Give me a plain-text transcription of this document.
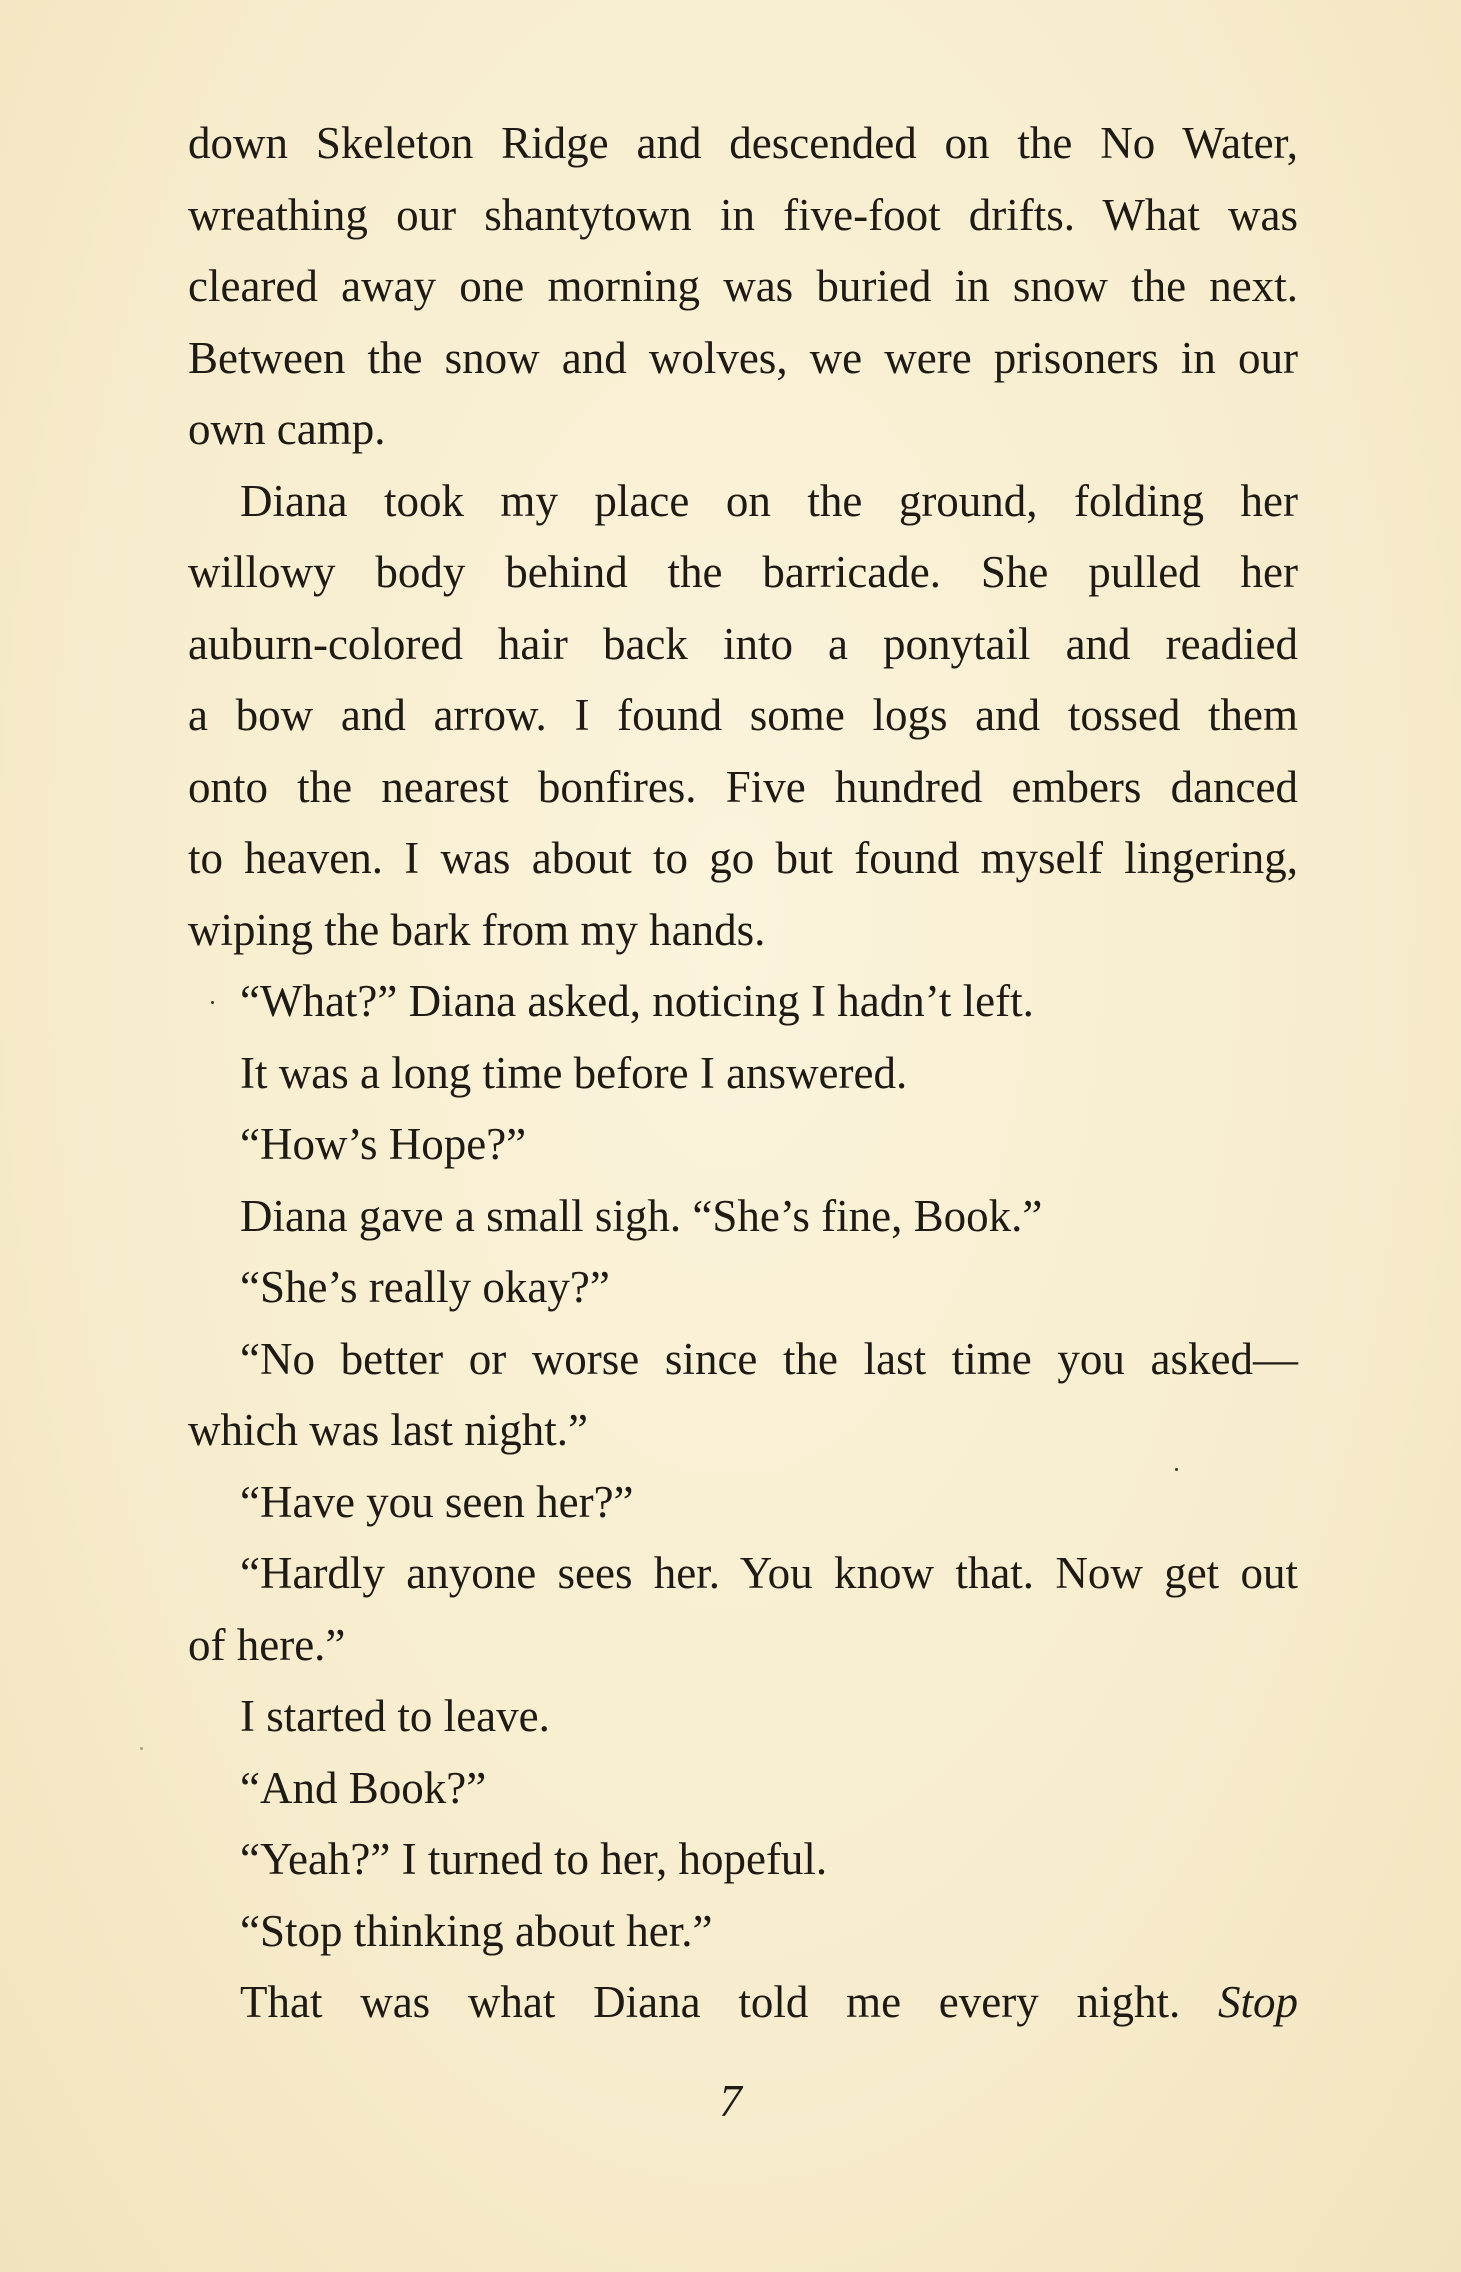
down Skeleton Ridge and descended on the No Water,
wreathing our shantytown in five-foot drifts. What was
cleared away one morning was buried in snow the next.
Between the snow and wolves, we were prisoners in our
own camp.
Diana took my place on the ground, folding her
willowy body behind the barricade. She pulled her
auburn-colored hair back into a ponytail and readied
a bow and arrow. I found some logs and tossed them
onto the nearest bonfires. Five hundred embers danced
to heaven. I was about to go but found myself lingering,
wiping the bark from my hands.
“What?” Diana asked, noticing I hadn’t left.
It was a long time before I answered.
“How’s Hope?”
Diana gave a small sigh. “She’s fine, Book.”
“She’s really okay?”
“No better or worse since the last time you asked—
which was last night.”
“Have you seen her?”
“Hardly anyone sees her. You know that. Now get out
of here.”
I started to leave.
“And Book?”
“Yeah?” I turned to her, hopeful.
“Stop thinking about her.”
That was what Diana told me every night. Stop
7
